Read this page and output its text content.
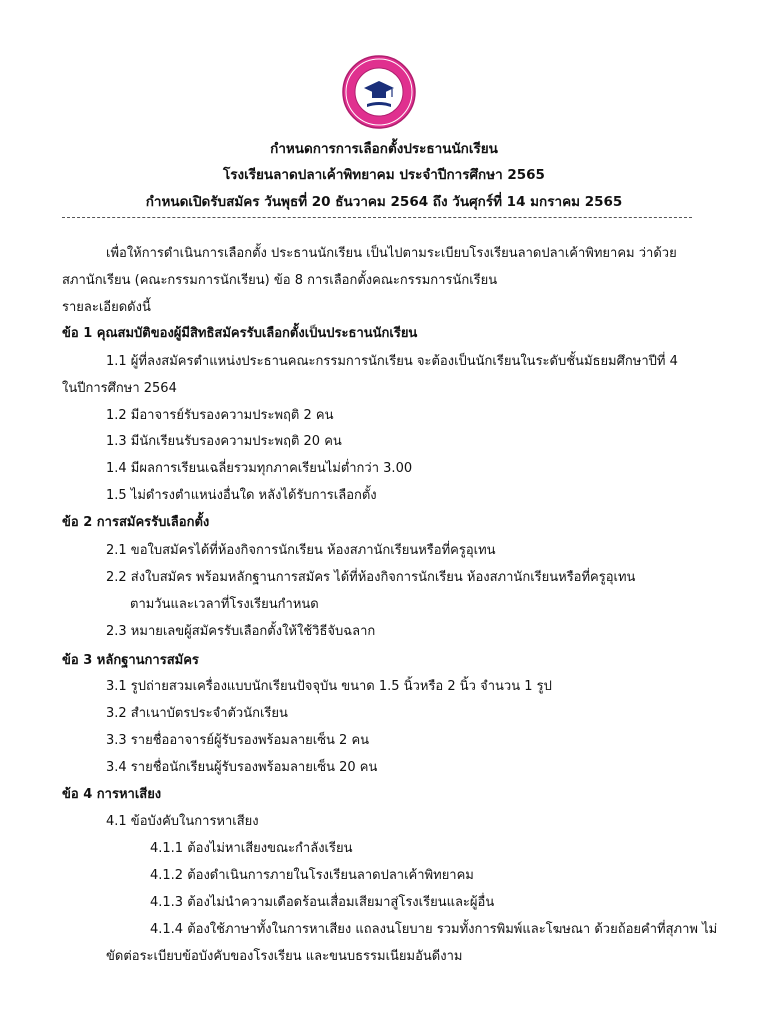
กำหนดการการเลือกตั้งประธานนักเรียน
โรงเรียนลาดปลาเค้าพิทยาคม ประจำปีการศึกษา 2565
กำหนดเปิดรับสมัคร วันพุธที่ 20 ธันวาคม 2564 ถึง วันศุกร์ที่ 14 มกราคม 2565
เพื่อให้การดำเนินการเลือกตั้ง ประธานนักเรียน เป็นไปตามระเบียบโรงเรียนลาดปลาเค้าพิทยาคม ว่าด้วย
สภานักเรียน (คณะกรรมการนักเรียน) ข้อ 8 การเลือกตั้งคณะกรรมการนักเรียน
รายละเอียดดังนี้
ข้อ 1 คุณสมบัติของผู้มีสิทธิสมัครรับเลือกตั้งเป็นประธานนักเรียน
1.1 ผู้ที่ลงสมัครตำแหน่งประธานคณะกรรมการนักเรียน จะต้องเป็นนักเรียนในระดับชั้นมัธยมศึกษาปีที่ 4
ในปีการศึกษา 2564
1.2 มีอาจารย์รับรองความประพฤติ 2 คน
1.3 มีนักเรียนรับรองความประพฤติ 20 คน
1.4 มีผลการเรียนเฉลี่ยรวมทุกภาคเรียนไม่ต่ำกว่า 3.00
1.5 ไม่ดำรงตำแหน่งอื่นใด หลังได้รับการเลือกตั้ง
ข้อ 2 การสมัครรับเลือกตั้ง
2.1 ขอใบสมัครได้ที่ห้องกิจการนักเรียน ห้องสภานักเรียนหรือที่ครูอุเทน
2.2 ส่งใบสมัคร พร้อมหลักฐานการสมัคร ได้ที่ห้องกิจการนักเรียน ห้องสภานักเรียนหรือที่ครูอุเทน
ตามวันและเวลาที่โรงเรียนกำหนด
2.3 หมายเลขผู้สมัครรับเลือกตั้งให้ใช้วิธีจับฉลาก
ข้อ 3 หลักฐานการสมัคร
3.1 รูปถ่ายสวมเครื่องแบบนักเรียนปัจจุบัน ขนาด 1.5 นิ้วหรือ 2 นิ้ว จำนวน 1 รูป
3.2 สำเนาบัตรประจำตัวนักเรียน
3.3 รายชื่ออาจารย์ผู้รับรองพร้อมลายเซ็น 2 คน
3.4 รายชื่อนักเรียนผู้รับรองพร้อมลายเซ็น 20 คน
ข้อ 4 การหาเสียง
4.1 ข้อบังคับในการหาเสียง
4.1.1 ต้องไม่หาเสียงขณะกำลังเรียน
4.1.2 ต้องดำเนินการภายในโรงเรียนลาดปลาเค้าพิทยาคม
4.1.3 ต้องไม่นำความเดือดร้อนเสื่อมเสียมาสู่โรงเรียนและผู้อื่น
4.1.4 ต้องใช้ภาษาทั้งในการหาเสียง แถลงนโยบาย รวมทั้งการพิมพ์และโฆษณา ด้วยถ้อยคำที่สุภาพ ไม่
ขัดต่อระเบียบข้อบังคับของโรงเรียน และขนบธรรมเนียมอันดีงาม
